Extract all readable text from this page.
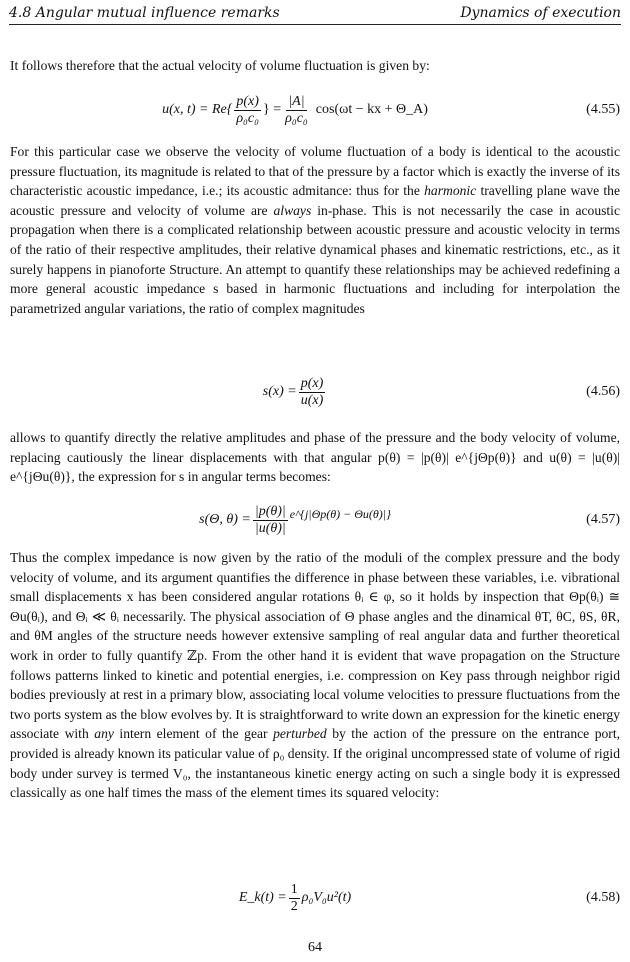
4.8 Angular mutual influence remarks	Dynamics of execution
It follows therefore that the actual velocity of volume fluctuation is given by:
u(x, $t) = Re\{ \frac{p(x)}{\text{ρ₀c₀}}$ } = $\frac{|A|}{\text{ρ₀c₀}} \cos(\omega t$ − kx + Θ_A)	(4.55)
For this particular case we observe the velocity of volume fluctuation of a body is identical to the acoustic pressure fluctuation, its magnitude is related to that of the pressure by a factor which is exactly the inverse of its characteristic acoustic impedance, i.e.; its acoustic admitance: thus for the harmonic travelling plane wave the acoustic pressure and velocity of volume are always in-phase. This is not necessarily the case in acoustic propagation when there is a complicated relationship between acoustic pressure and acoustic velocity in terms of the ratio of their respective amplitudes, their relative dynamical phases and kinematic restrictions, etc., as it surely happens in pianoforte Structure. An attempt to quantify these relationships may be achieved redefining a more general acoustic impedance s based in harmonic fluctuations and including for interpolation the parametrized angular variations, the ratio of complex magnitudes
$s(x) = \frac{p(x)}{u(x)}$	(4.56)
allows to quantify directly the relative amplitudes and phase of the pressure and the body velocity of volume, replacing cautiously the linear displacements with that angular p(θ) = |p(θ)| e^{jΘp(θ)} and u(θ) = |u(θ)| e^{jΘu(θ)}, the expression for s in angular terms becomes:
s(Θ, $\theta) = \frac{|p(\theta)|}{|u(\theta)|}$ e^{j|Θp(θ) − Θu(θ)|}	(4.57)
Thus the complex impedance is now given by the ratio of the moduli of the complex pressure and the body velocity of volume, and its argument quantifies the difference in phase between these variables, i.e. vibrational small displacements x has been considered angular rotations θᵢ ∈ φ, so it holds by inspection that Θp(θᵢ) ≅ Θu(θᵢ), and Θᵢ ≪ θᵢ necessarily. The physical association of Θ phase angles and the dinamical θT, θC, θS, θR, and θM angles of the structure needs however extensive sampling of real angular data and further theoretical work in order to fully quantify ℤp. From the other hand it is evident that wave propagation on the Structure follows patterns linked to kinetic and potential energies, i.e. compression on Key pass through neighbor rigid bodies previously at rest in a primary blow, associating local volume velocities to pressure fluctuations from the two ports system as the blow evolves by. It is straightforward to write down an expression for the kinetic energy associate with any intern element of the gear perturbed by the action of the pressure on the entrance port, provided is already known its paticular value of ρ₀ density. If the original uncompressed state of volume of rigid body under survey is termed V₀, the instantaneous kinetic energy acting on such a single body it is expressed classically as one half times the mass of the element times its squared velocity:
E_k(t) = $\frac{1}{2} \rho_0V_0u^2(t)$	(4.58)
64
